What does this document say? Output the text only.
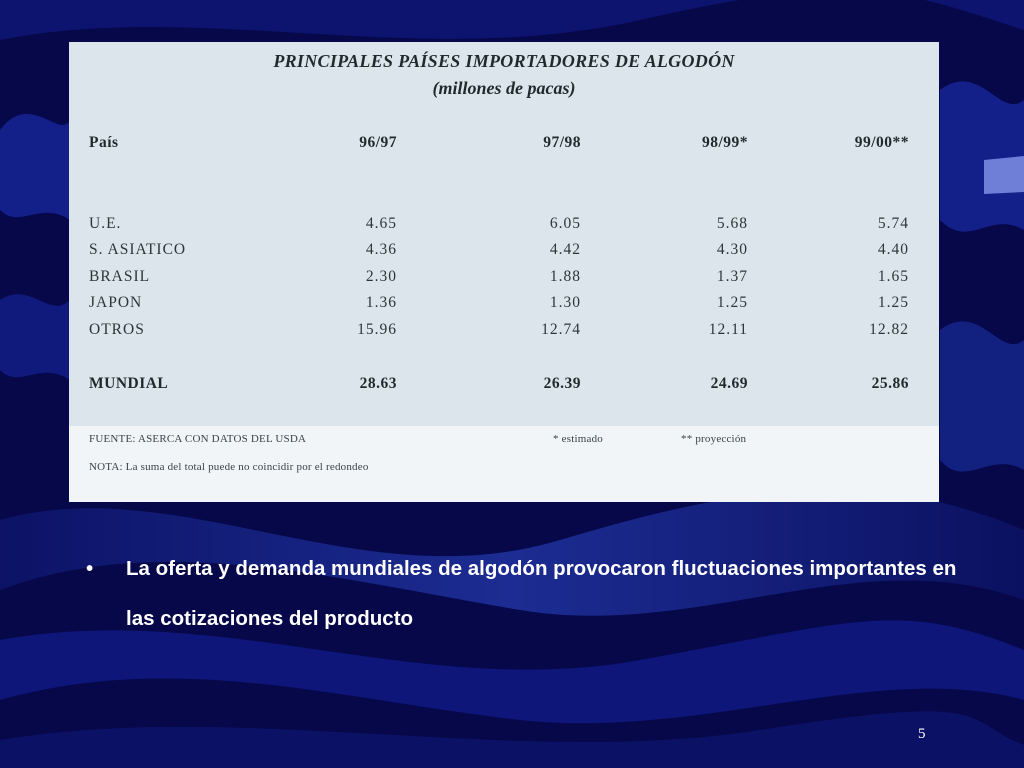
PRINCIPALES PAÍSES IMPORTADORES DE ALGODÓN
(millones de pacas)
País	96/97	97/98	98/99*	99/00**
U.E.	4.65	6.05	5.68	5.74
S. ASIATICO	4.36	4.42	4.30	4.40
BRASIL	2.30	1.88	1.37	1.65
JAPON	1.36	1.30	1.25	1.25
OTROS	15.96	12.74	12.11	12.82
MUNDIAL	28.63	26.39	24.69	25.86
FUENTE: ASERCA CON DATOS DEL USDA	* estimado	** proyección
NOTA: La suma del total puede no coincidir por el redondeo
• La oferta y demanda mundiales de algodón provocaron fluctuaciones importantes en las cotizaciones del producto
5
